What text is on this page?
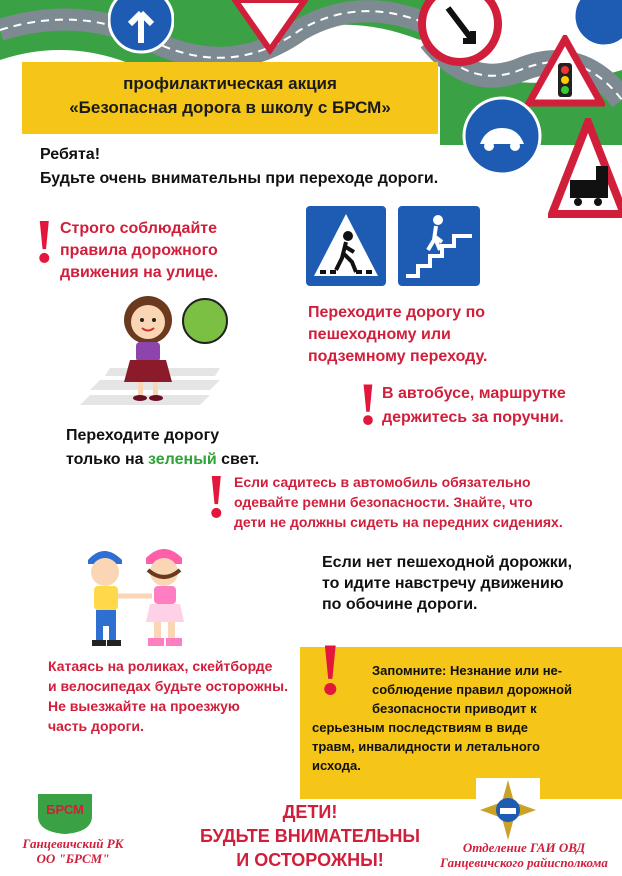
профилактическая акция
«Безопасная дорога в школу с БРСМ»
Ребята!
Будьте очень внимательны при переходе дороги.
! Строго соблюдайте
правила дорожного
движения на улице.
Переходите дорогу по
пешеходному или
подземному переходу.
Переходите дорогу
только на зеленый свет.
! В автобусе, маршрутке
держитесь за поручни.
! Если садитесь в автомобиль обязательно
одевайте ремни безопасности. Знайте, что
дети не должны сидеть на передних сидениях.
Если нет пешеходной дорожки,
то идите навстречу движению
по обочине дороги.
Катаясь на роликах, скейтборде
и велосипедах будьте осторожны.
Не выезжайте на проезжую
часть дороги.
! Запомните: Незнание или не-
соблюдение правил дорожной
безопасности приводит к
серьезным последствиям в виде
травм, инвалидности и летального
исхода.
БРСМ
Ганцевичский РК
ОО "БРСМ"
ДЕТИ!
БУДЬТЕ ВНИМАТЕЛЬНЫ
И ОСТОРОЖНЫ!
Отделение ГАИ ОВД
Ганцевичского райисполкома
